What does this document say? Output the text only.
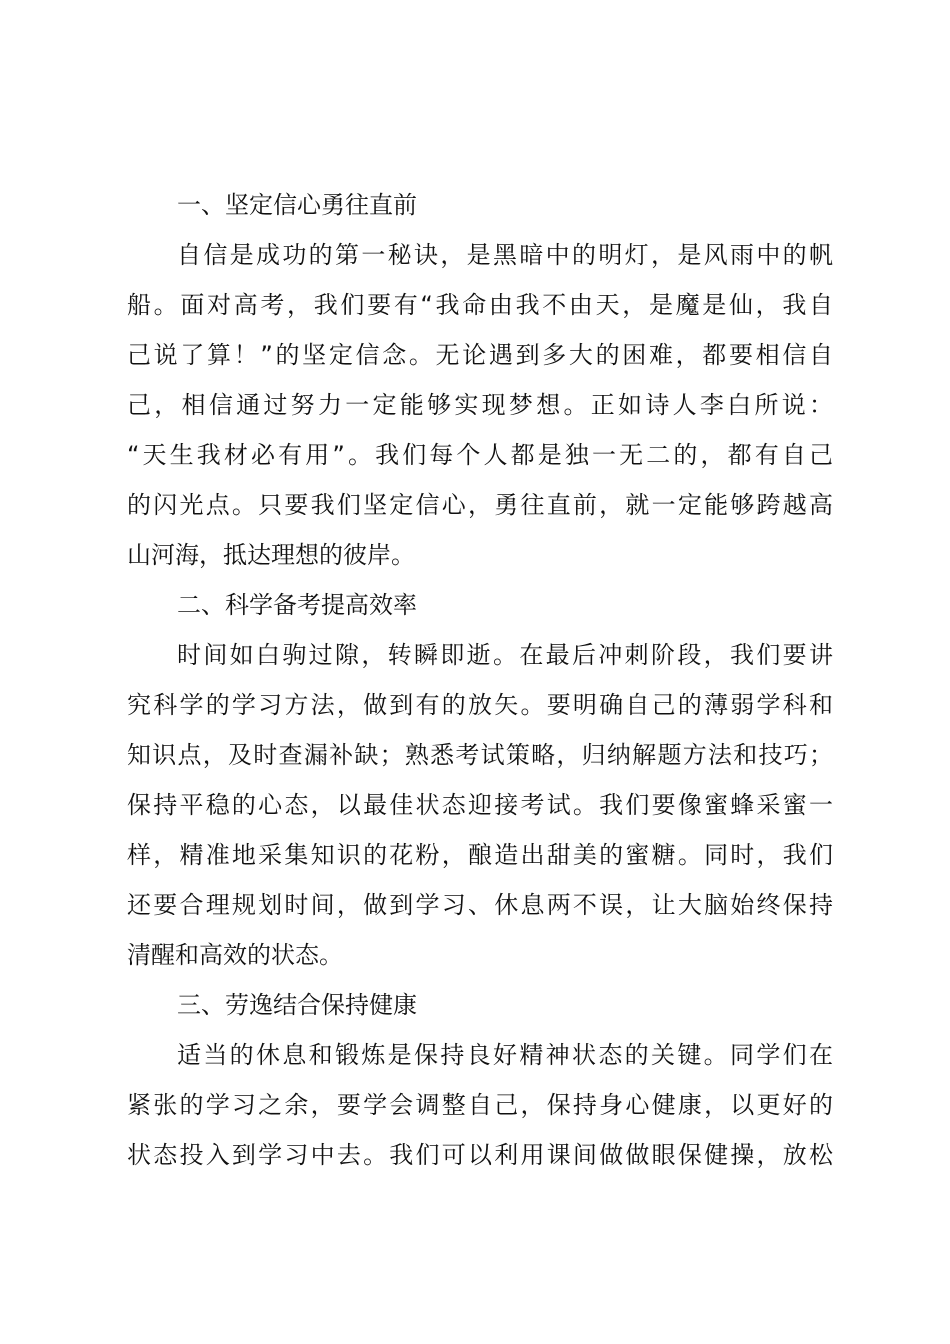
一、坚定信心勇往直前
自信是成功的第一秘诀，是黑暗中的明灯，是风雨中的帆
船。面对高考，我们要有“我命由我不由天，是魔是仙，我自
己说了算！”的坚定信念。无论遇到多大的困难，都要相信自
己，相信通过努力一定能够实现梦想。正如诗人李白所说：
“天生我材必有用”。我们每个人都是独一无二的，都有自己
的闪光点。只要我们坚定信心，勇往直前，就一定能够跨越高
山河海，抵达理想的彼岸。
二、科学备考提高效率
时间如白驹过隙，转瞬即逝。在最后冲刺阶段，我们要讲
究科学的学习方法，做到有的放矢。要明确自己的薄弱学科和
知识点，及时查漏补缺；熟悉考试策略，归纳解题方法和技巧；
保持平稳的心态，以最佳状态迎接考试。我们要像蜜蜂采蜜一
样，精准地采集知识的花粉，酿造出甜美的蜜糖。同时，我们
还要合理规划时间，做到学习、休息两不误，让大脑始终保持
清醒和高效的状态。
三、劳逸结合保持健康
适当的休息和锻炼是保持良好精神状态的关键。同学们在
紧张的学习之余，要学会调整自己，保持身心健康，以更好的
状态投入到学习中去。我们可以利用课间做做眼保健操，放松
